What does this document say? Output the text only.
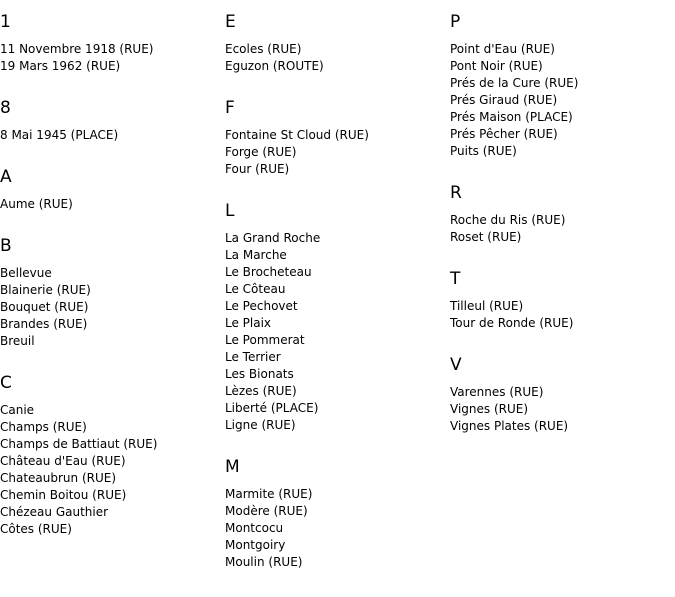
1
11 Novembre 1918 (RUE)
19 Mars 1962 (RUE)
8
8 Mai 1945 (PLACE)
A
Aume (RUE)
B
Bellevue
Blainerie (RUE)
Bouquet (RUE)
Brandes (RUE)
Breuil
C
Canie
Champs (RUE)
Champs de Battiaut (RUE)
Château d'Eau (RUE)
Chateaubrun (RUE)
Chemin Boitou (RUE)
Chézeau Gauthier
Côtes (RUE)
E
Ecoles (RUE)
Eguzon (ROUTE)
F
Fontaine St Cloud (RUE)
Forge (RUE)
Four (RUE)
L
La Grand Roche
La Marche
Le Brocheteau
Le Côteau
Le Pechovet
Le Plaix
Le Pommerat
Le Terrier
Les Bionats
Lèzes (RUE)
Liberté (PLACE)
Ligne (RUE)
M
Marmite (RUE)
Modère (RUE)
Montcocu
Montgoiry
Moulin (RUE)
P
Point d'Eau (RUE)
Pont Noir (RUE)
Prés de la Cure (RUE)
Prés Giraud (RUE)
Prés Maison (PLACE)
Prés Pêcher (RUE)
Puits (RUE)
R
Roche du Ris (RUE)
Roset (RUE)
T
Tilleul (RUE)
Tour de Ronde (RUE)
V
Varennes (RUE)
Vignes (RUE)
Vignes Plates (RUE)
